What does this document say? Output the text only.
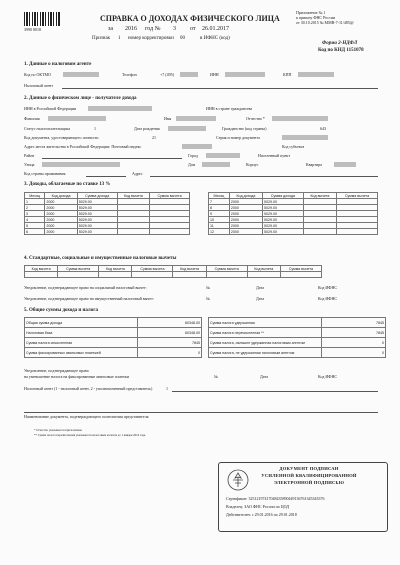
3990 8018
СПРАВКА О ДОХОДАХ ФИЗИЧЕСКОГО ЛИЦА
за 2016 год № 3 от 26.01.2017
Признак 1 номер корректировки 00	в ИФНС (код)
Приложение № 1
к приказу ФНС России
от 30.10.2015 № ММВ-7-11/485@
Форма 2-НДФЛ
Код по КНД 1151078
1. Данные о налоговом агенте
Код по ОКТМО	Телефон	+7 (495)	ИНН	КПП
Налоговый агент
2. Данные о физическом лице - получателе дохода
ИНН в Российской Федерации	ИНН в стране гражданства
Фамилия	Имя	Отчество *
Статус налогоплательщика	1	Дата рождения	Гражданство (код страны)	643
Код документа, удостоверяющего личность:	21	Серия и номер документа
Адрес места жительства в Российской Федерации: Почтовый индекс	Код субъекта
Район	Город	Населенный пункт
Улица	Дом	Корпус	Квартира
Код страны проживания:	Адрес
3. Доходы, облагаемые по ставке 13 %
Месяц	Код дохода	Сумма дохода	Код вычета	Сумма вычета
1	2000	5029.00		
2	2000	5029.00		
3	2000	5029.00		
4	2000	5029.00		
5	2000	5029.00		
6	2000	5029.00		
Месяц	Код дохода	Сумма дохода	Код вычета	Сумма вычета
7	2000	5029.00		
8	2000	5029.00		
9	2000	5029.00		
10	2000	5029.00		
11	2000	5029.00		
12	2000	5029.00		
4. Стандартные, социальные и имущественные налоговые вычеты
Код вычета	Сумма вычета	Код вычета	Сумма вычета	Код вычета	Сумма вычета	Код вычета	Сумма вычета

Уведомление, подтверждающее право на социальный налоговый вычет:	№	Дата	Код ИФНС
Уведомление, подтверждающее право на имущественный налоговый вычет:	№	Дата	Код ИФНС
5. Общие суммы дохода и налога
Общая сумма дохода	60348.00
Налоговая база	60348.00
Сумма налога исчисленная	7845
Сумма фиксированных авансовых платежей	0
Сумма налога удержанная	7845
Сумма налога перечисленная **	7845
Сумма налога, излишне удержанная налоговым агентом	0
Сумма налога, не удержанная налоговым агентом	0
Уведомление, подтверждающее право
на уменьшение налога на фиксированные авансовые платежи	№	Дата	Код ИФНС
Налоговый агент (1 - налоговый агент, 2 - уполномоченный представитель)	1
Наименование документа, подтверждающего полномочия представителя
* Отчество указывается при наличии.
** Сумма налога перечисленная указывается налоговым агентом до 1 января 2016 года.
ДОКУМЕНТ ПОДПИСАН
УСИЛЕННОЙ КВАЛИФИЦИРОВАННОЙ
ЭЛЕКТРОННОЙ ПОДПИСЬЮ
Сертификат: 32512197417048435890449136761345343376
Владелец: ЗАО ФНС России по ЦОД
Действителен: с 29.01.2016 по 29.01.2018
